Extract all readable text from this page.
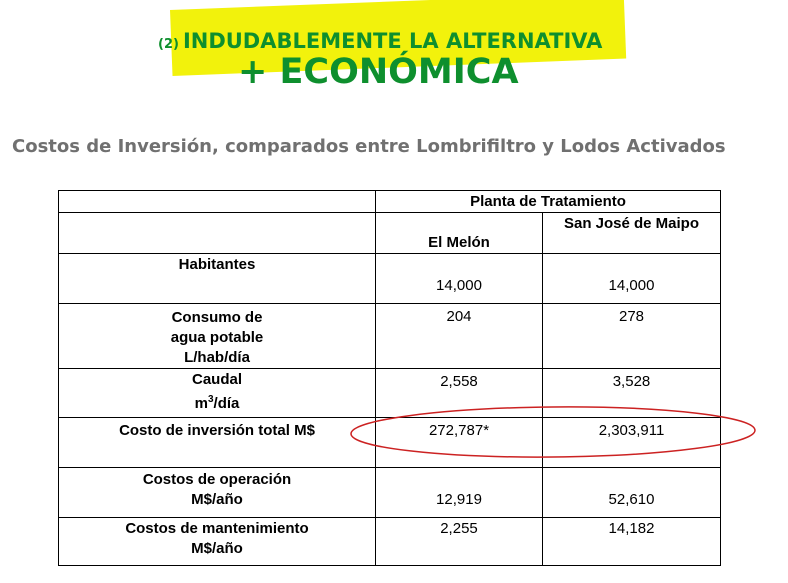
(2) INDUDABLEMENTE LA ALTERNATIVA
+ ECONÓMICA
Costos de Inversión, comparados entre Lombrifiltro y Lodos Activados
	Planta de Tratamiento	
	El Melón	San José de Maipo

Habitantes	14,000	14,000

Consumo de
agua potable
L/hab/día	204	278

Caudal
$m^3$/día	2,558	3,528

Costo de inversión total M$	272,787*	2,303,911

Costos de operación
M$/año	12,919	52,610

Costos de mantenimiento
M$/año	2,255	14,182
